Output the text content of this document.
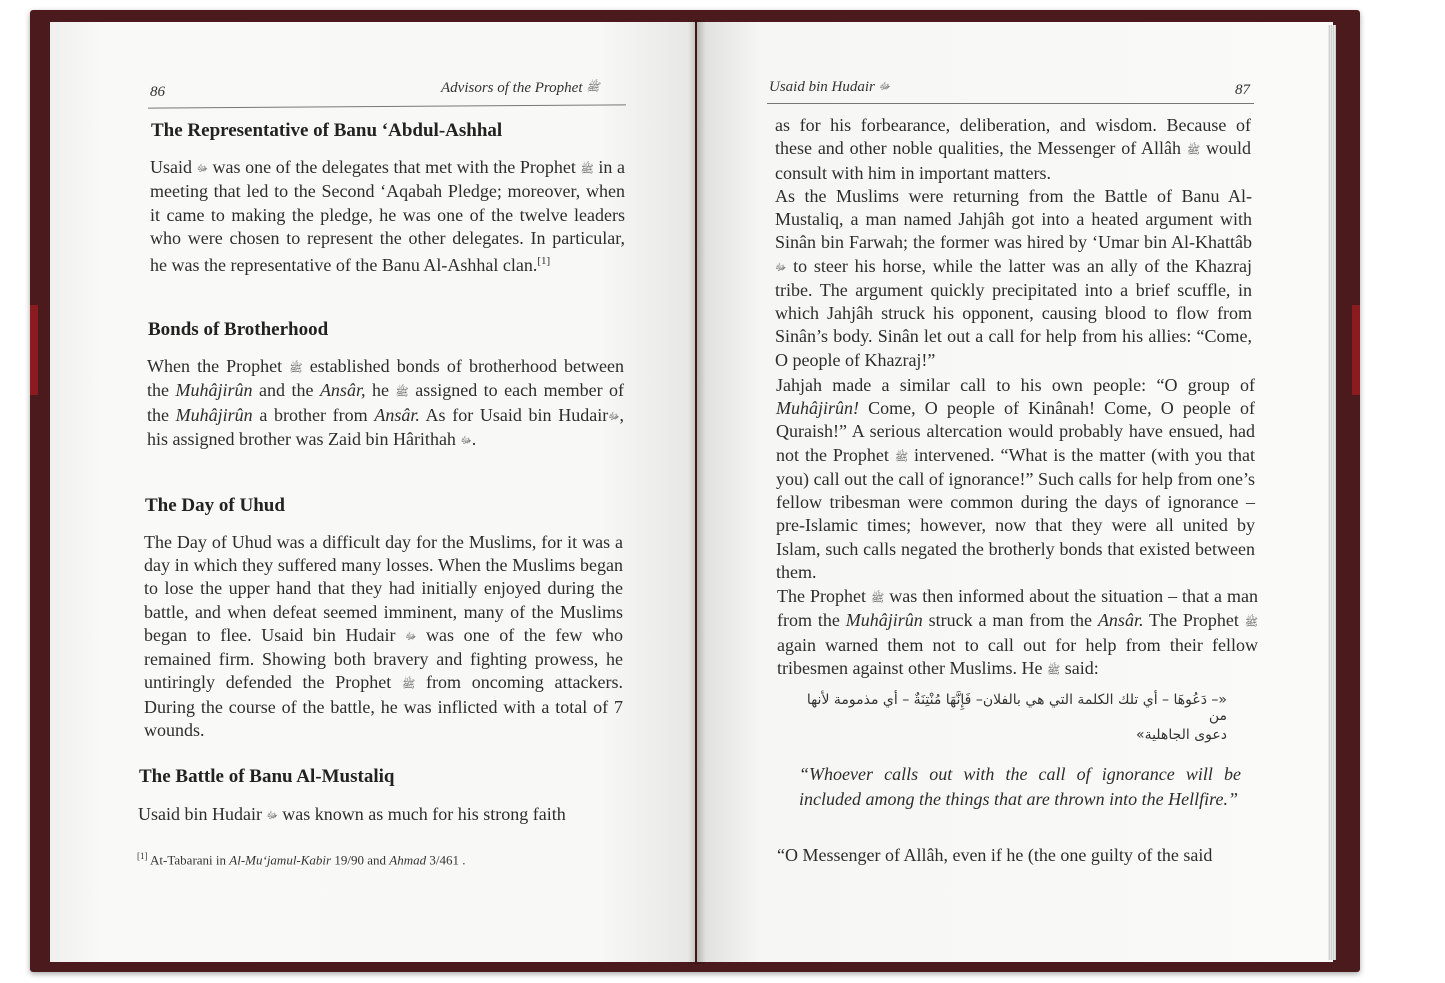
86	Advisors of the Prophet ﷺ
The Representative of Banu ‘Abdul-Ashhal
Usaid ﷻ was one of the delegates that met with the Prophet ﷺ in a meeting that led to the Second ‘Aqabah Pledge; moreover, when it came to making the pledge, he was one of the twelve leaders who were chosen to represent the other delegates. In particular, he was the representative of the Banu Al-Ashhal clan.[1]
Bonds of Brotherhood
When the Prophet ﷺ established bonds of brotherhood between the Muhâjirûn and the Ansâr, he ﷺ assigned to each member of the Muhâjirûn a brother from Ansâr. As for Usaid bin Hudairﷻ, his assigned brother was Zaid bin Hârithah ﷻ.
The Day of Uhud
The Day of Uhud was a difficult day for the Muslims, for it was a day in which they suffered many losses. When the Muslims began to lose the upper hand that they had initially enjoyed during the battle, and when defeat seemed imminent, many of the Muslims began to flee. Usaid bin Hudair ﷻ was one of the few who remained firm. Showing both bravery and fighting prowess, he untiringly defended the Prophet ﷺ from oncoming attackers. During the course of the battle, he was inflicted with a total of 7 wounds.
The Battle of Banu Al-Mustaliq
Usaid bin Hudair ﷻ was known as much for his strong faith
[1] At-Tabarani in Al-Mu‘jamul-Kabir 19/90 and Ahmad 3/461 .
Usaid bin Hudair ﷻ	87
as for his forbearance, deliberation, and wisdom. Because of these and other noble qualities, the Messenger of Allâh ﷺ would consult with him in important matters.
As the Muslims were returning from the Battle of Banu Al-Mustaliq, a man named Jahjâh got into a heated argument with Sinân bin Farwah; the former was hired by ‘Umar bin Al-Khattâb ﷻ to steer his horse, while the latter was an ally of the Khazraj tribe. The argument quickly precipitated into a brief scuffle, in which Jahjâh struck his opponent, causing blood to flow from Sinân’s body. Sinân let out a call for help from his allies: “Come, O people of Khazraj!”
Jahjah made a similar call to his own people: “O group of Muhâjirûn! Come, O people of Kinânah! Come, O people of Quraish!” A serious altercation would probably have ensued, had not the Prophet ﷺ intervened. “What is the matter (with you that you) call out the call of ignorance!” Such calls for help from one’s fellow tribesman were common during the days of ignorance – pre-Islamic times; however, now that they were all united by Islam, such calls negated the brotherly bonds that existed between them.
The Prophet ﷺ was then informed about the situation – that a man from the Muhâjirûn struck a man from the Ansâr. The Prophet ﷺ again warned them not to call out for help from their fellow tribesmen against other Muslims. He ﷺ said:
«– دَعُوهَا – أي تلك الكلمة التي هي بالفلان– فَإِنَّهَا مُنْتِنَةٌ – أي مذمومة لأنها من
دعوى الجاهلية»
“Whoever calls out with the call of ignorance will be included among the things that are thrown into the Hellfire.”
“O Messenger of Allâh, even if he (the one guilty of the said
